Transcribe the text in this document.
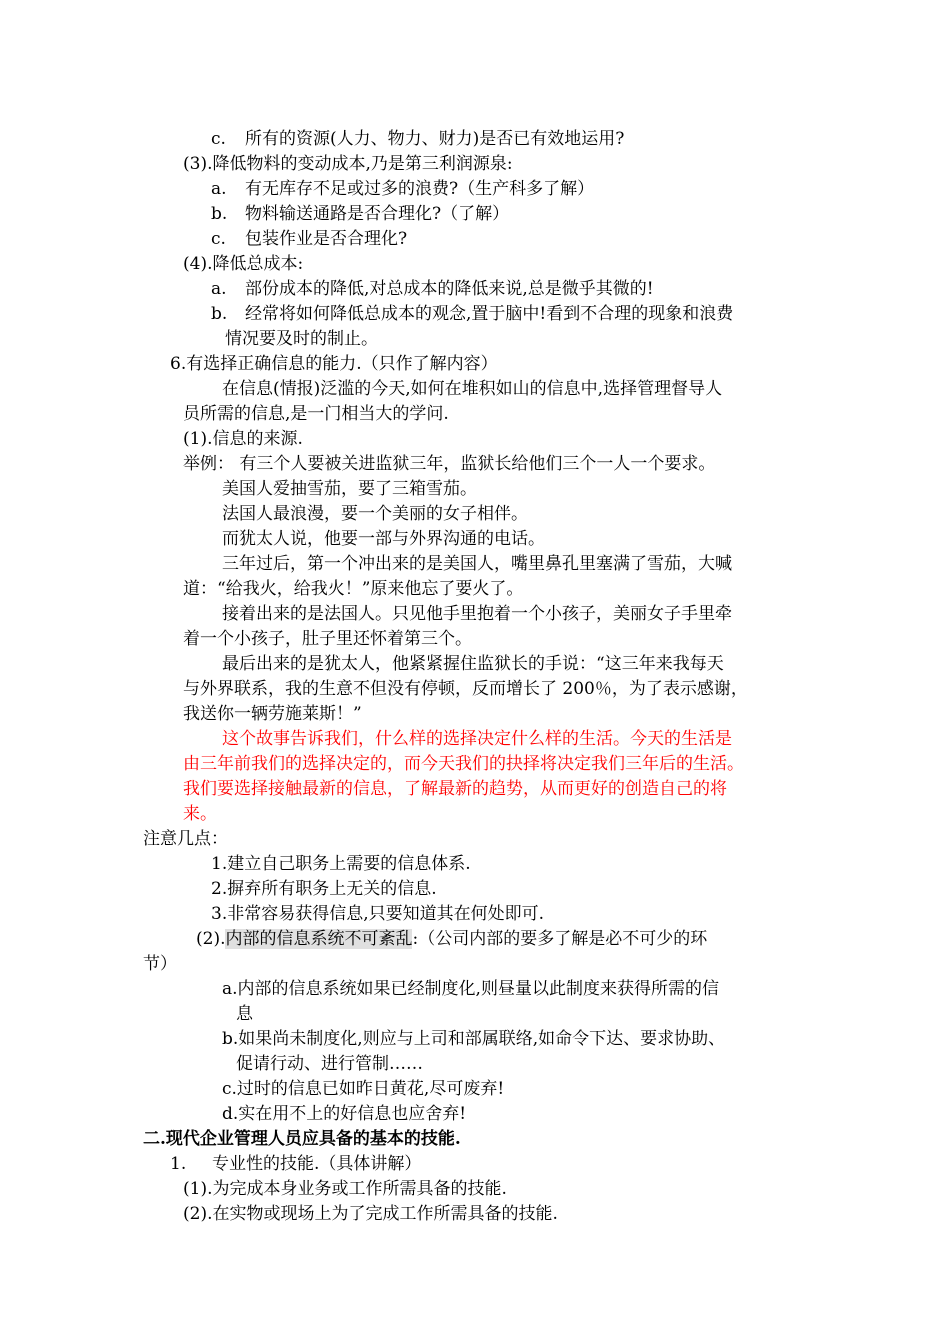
c. 所有的资源(人力、物力、财力)是否已有效地运用?
(3).降低物料的变动成本,乃是第三利润源泉:
a. 有无库存不足或过多的浪费?（生产科多了解）
b. 物料输送通路是否合理化?（了解）
c. 包装作业是否合理化?
(4).降低总成本:
a. 部份成本的降低,对总成本的降低来说,总是微乎其微的!
b. 经常将如何降低总成本的观念,置于脑中!看到不合理的现象和浪费
情况要及时的制止。
6.有选择正确信息的能力.（只作了解内容）
在信息(情报)泛滥的今天,如何在堆积如山的信息中,选择管理督导人
员所需的信息,是一门相当大的学问.
(1).信息的来源.
举例： 有三个人要被关进监狱三年，监狱长给他们三个一人一个要求。
美国人爱抽雪茄，要了三箱雪茄。
法国人最浪漫，要一个美丽的女子相伴。
而犹太人说，他要一部与外界沟通的电话。
三年过后，第一个冲出来的是美国人，嘴里鼻孔里塞满了雪茄，大喊
道：“给我火，给我火！”原来他忘了要火了。
接着出来的是法国人。只见他手里抱着一个小孩子，美丽女子手里牵
着一个小孩子，肚子里还怀着第三个。
最后出来的是犹太人，他紧紧握住监狱长的手说：“这三年来我每天
与外界联系，我的生意不但没有停顿，反而增长了 200％，为了表示感谢，
我送你一辆劳施莱斯！”
这个故事告诉我们，什么样的选择决定什么样的生活。今天的生活是
由三年前我们的选择决定的，而今天我们的抉择将决定我们三年后的生活。
我们要选择接触最新的信息，了解最新的趋势，从而更好的创造自己的将
来。
注意几点：
1.建立自己职务上需要的信息体系.
2.摒弃所有职务上无关的信息.
3.非常容易获得信息,只要知道其在何处即可.
(2).内部的信息系统不可紊乱:（公司内部的要多了解是必不可少的环
节）
a.内部的信息系统如果已经制度化,则昼量以此制度来获得所需的信
息
b.如果尚未制度化,则应与上司和部属联络,如命令下达、要求协助、
促请行动、进行管制……
c.过时的信息已如昨日黄花,尽可废弃!
d.实在用不上的好信息也应舍弃!
二.现代企业管理人员应具备的基本的技能.
1. 专业性的技能.（具体讲解）
(1).为完成本身业务或工作所需具备的技能.
(2).在实物或现场上为了完成工作所需具备的技能.
